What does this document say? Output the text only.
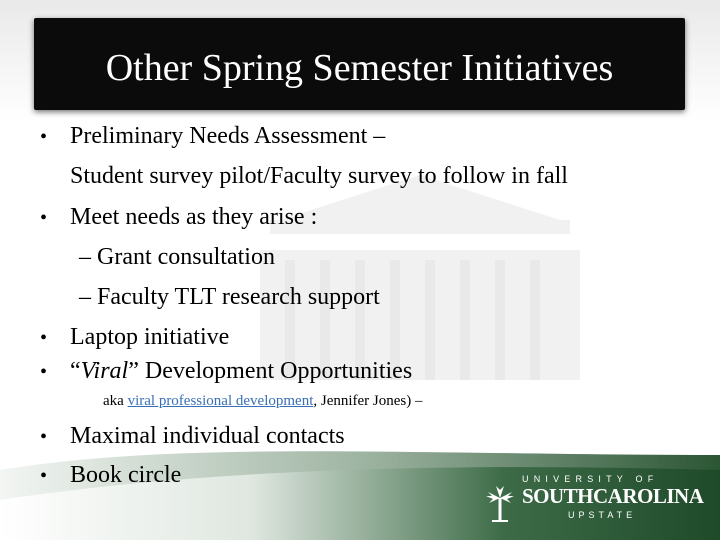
Other Spring Semester Initiatives
• Preliminary Needs Assessment –
Student survey pilot/Faculty survey to follow in fall
• Meet needs as they arise :
– Grant consultation
– Faculty TLT research support
• Laptop initiative
• “Viral” Development Opportunities
aka viral professional development, Jennifer Jones) –
• Maximal individual contacts
• Book circle	UNIVERSITY OF
SOUTHCAROLINA
UPSTATE
